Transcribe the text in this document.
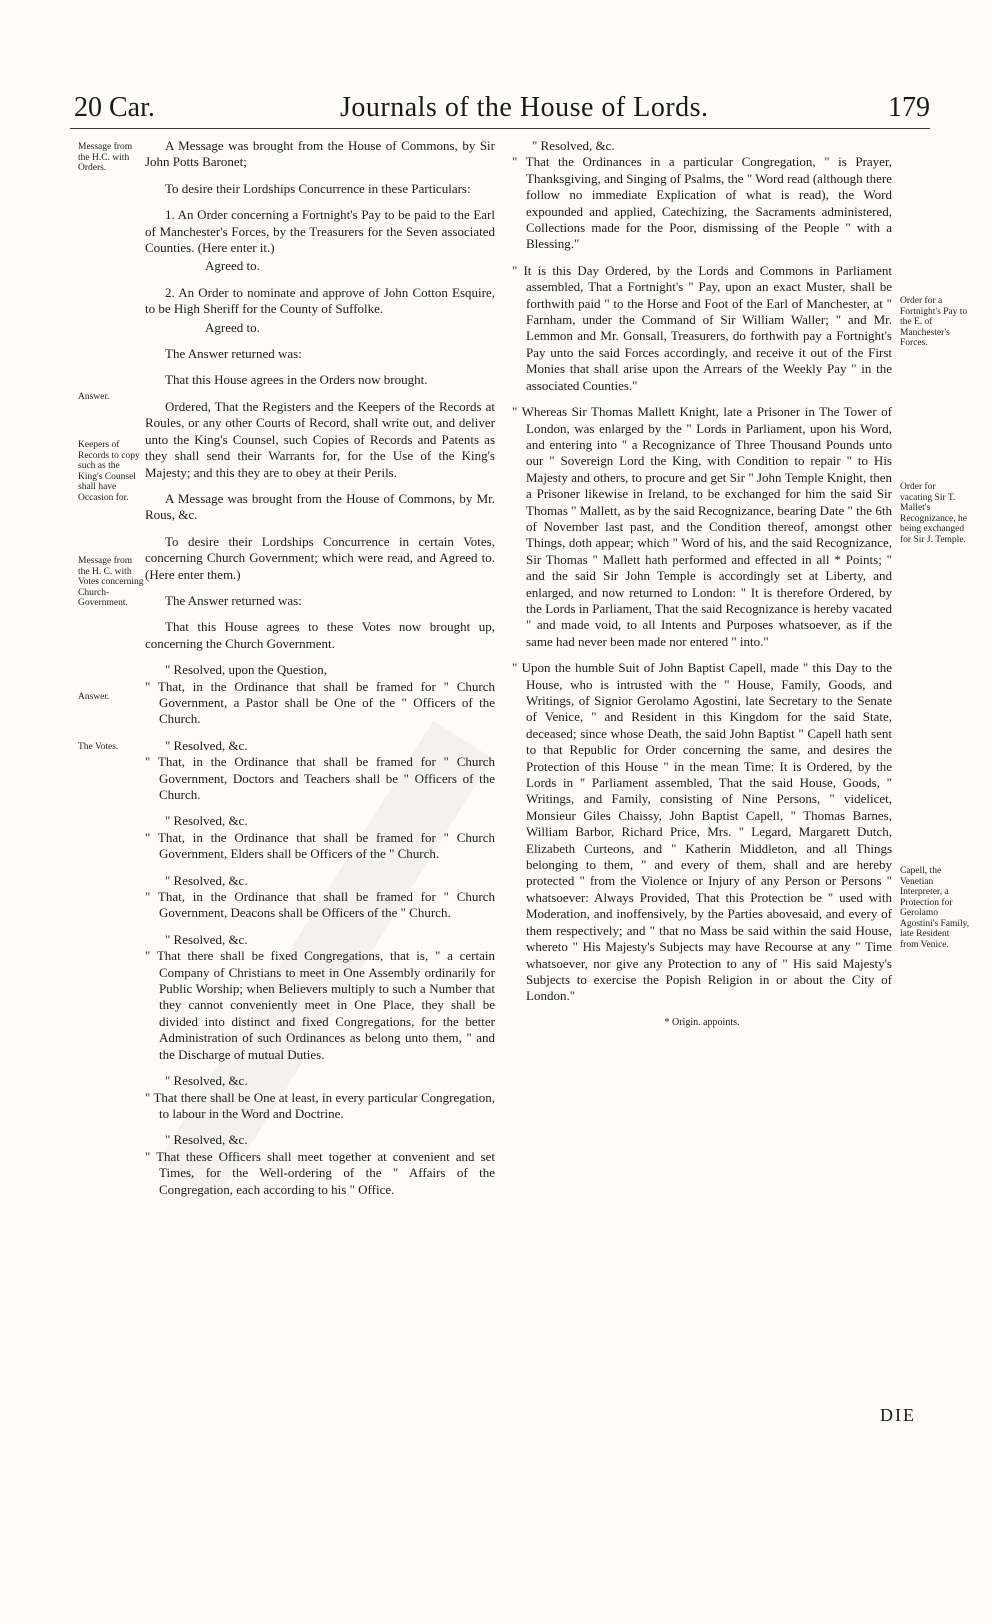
20 Car.	Journals of the House of Lords.	179
Message from the H.C. with Orders.
Answer.
Keepers of Records to copy such as the King's Counsel shall have Occasion for.
Message from the H. C. with Votes concerning Church-Government.
Answer.
The Votes.
Order for a Fortnight's Pay to the E. of Manchester's Forces.
Order for vacating Sir T. Mallet's Recognizance, he being exchanged for Sir J. Temple.
Capell, the Venetian Interpreter, a Protection for Gerolamo Agostini's Family, late Resident from Venice.

A Message was brought from the House of Commons, by Sir John Potts Baronet;

To desire their Lordships Concurrence in these Particulars:

1. An Order concerning a Fortnight's Pay to be paid to the Earl of Manchester's Forces, by the Treasurers for the Seven associated Counties. (Here enter it.)

Agreed to.

2. An Order to nominate and approve of John Cotton Esquire, to be High Sheriff for the County of Suffolke.

Agreed to.

The Answer returned was:

That this House agrees in the Orders now brought.

Ordered, That the Registers and the Keepers of the Records at Roules, or any other Courts of Record, shall write out, and deliver unto the King's Counsel, such Copies of Records and Patents as they shall send their Warrants for, for the Use of the King's Majesty; and this they are to obey at their Perils.

A Message was brought from the House of Commons, by Mr. Rous, &c.

To desire their Lordships Concurrence in certain Votes, concerning Church Government; which were read, and Agreed to. (Here enter them.)

The Answer returned was:

That this House agrees to these Votes now brought up, concerning the Church Government.

" Resolved, upon the Question,

" That, in the Ordinance that shall be framed for " Church Government, a Pastor shall be One of the " Officers of the Church.

" Resolved, &c.

" That, in the Ordinance that shall be framed for " Church Government, Doctors and Teachers shall be " Officers of the Church.

" Resolved, &c.

" That, in the Ordinance that shall be framed for " Church Government, Elders shall be Officers of the " Church.

" Resolved, &c.

" That, in the Ordinance that shall be framed for " Church Government, Deacons shall be Officers of the " Church.

" Resolved, &c.

" That there shall be fixed Congregations, that is, " a certain Company of Christians to meet in One Assembly ordinarily for Public Worship; when Believers multiply to such a Number that they cannot conveniently meet in One Place, they shall be divided into distinct and fixed Congregations, for the better Administration of such Ordinances as belong unto them, " and the Discharge of mutual Duties.

" Resolved, &c.

" That there shall be One at least, in every particular Congregation, to labour in the Word and Doctrine.

" Resolved, &c.

" That these Officers shall meet together at convenient and set Times, for the Well-ordering of the " Affairs of the Congregation, each according to his " Office.

" Resolved, &c.

" That the Ordinances in a particular Congregation, " is Prayer, Thanksgiving, and Singing of Psalms, the " Word read (although there follow no immediate Explication of what is read), the Word expounded and applied, Catechizing, the Sacraments administered, Collections made for the Poor, dismissing of the People " with a Blessing."

" It is this Day Ordered, by the Lords and Commons in Parliament assembled, That a Fortnight's " Pay, upon an exact Muster, shall be forthwith paid " to the Horse and Foot of the Earl of Manchester, at " Farnham, under the Command of Sir William Waller; " and Mr. Lemmon and Mr. Gonsall, Treasurers, do forthwith pay a Fortnight's Pay unto the said Forces accordingly, and receive it out of the First Monies that shall arise upon the Arrears of the Weekly Pay " in the associated Counties."

" Whereas Sir Thomas Mallett Knight, late a Prisoner in The Tower of London, was enlarged by the " Lords in Parliament, upon his Word, and entering into " a Recognizance of Three Thousand Pounds unto our " Sovereign Lord the King, with Condition to repair " to His Majesty and others, to procure and get Sir " John Temple Knight, then a Prisoner likewise in Ireland, to be exchanged for him the said Sir Thomas " Mallett, as by the said Recognizance, bearing Date " the 6th of November last past, and the Condition thereof, amongst other Things, doth appear; which " Word of his, and the said Recognizance, Sir Thomas " Mallett hath performed and effected in all * Points; " and the said Sir John Temple is accordingly set at Liberty, and enlarged, and now returned to London: " It is therefore Ordered, by the Lords in Parliament, That the said Recognizance is hereby vacated " and made void, to all Intents and Purposes whatsoever, as if the same had never been made nor entered " into."

" Upon the humble Suit of John Baptist Capell, made " this Day to the House, who is intrusted with the " House, Family, Goods, and Writings, of Signior Gerolamo Agostini, late Secretary to the Senate of Venice, " and Resident in this Kingdom for the said State, deceased; since whose Death, the said John Baptist " Capell hath sent to that Republic for Order concerning the same, and desires the Protection of this House " in the mean Time: It is Ordered, by the Lords in " Parliament assembled, That the said House, Goods, " Writings, and Family, consisting of Nine Persons, " videlicet, Monsieur Giles Chaissy, John Baptist Capell, " Thomas Barnes, William Barbor, Richard Price, Mrs. " Legard, Margarett Dutch, Elizabeth Curteons, and " Katherin Middleton, and all Things belonging to them, " and every of them, shall and are hereby protected " from the Violence or Injury of any Person or Persons " whatsoever: Always Provided, That this Protection be " used with Moderation, and inoffensively, by the Parties abovesaid, and every of them respectively; and " that no Mass be said within the said House, whereto " His Majesty's Subjects may have Recourse at any " Time whatsoever, nor give any Protection to any of " His said Majesty's Subjects to exercise the Popish Religion in or about the City of London."

* Origin. appoints.

DIE
